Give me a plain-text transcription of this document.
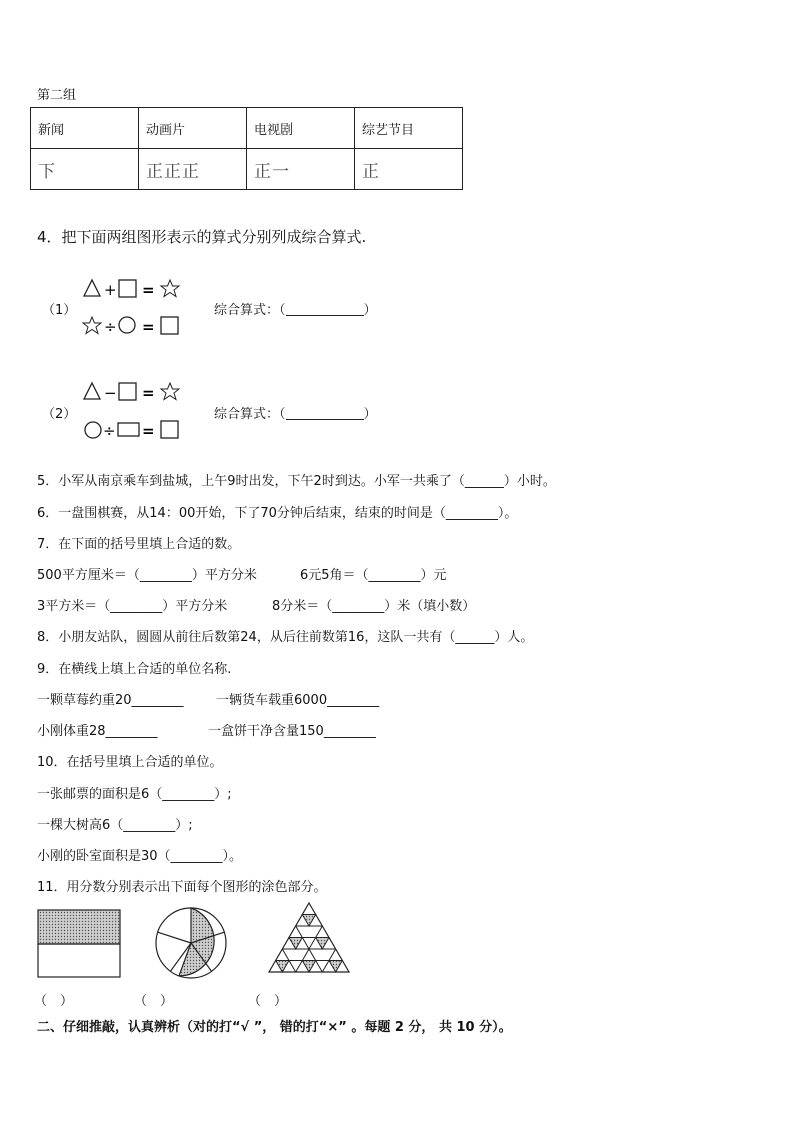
第二组
新闻	动画片	电视剧	综艺节目
下	正正正	正一	正
4．把下面两组图形表示的算式分别列成综合算式.
（1）
+ =
÷ =
综合算式：（	）
（2）
− =
÷ =
综合算式：（	）
5．小军从南京乘车到盐城，上午9时出发，下午2时到达。小军一共乘了（______）小时。
6．一盘围棋赛，从14：00开始，下了70分钟后结束，结束的时间是（________）。
7．在下面的括号里填上合适的数。
500平方厘米＝（________）平方分米	6元5角＝（________）元
3平方米＝（________）平方分米	8分米＝（________）米（填小数）
8．小朋友站队，圆圆从前往后数第24，从后往前数第16，这队一共有（______）人。
9．在横线上填上合适的单位名称.
一颗草莓约重20________ 一辆货车载重6000________
小刚体重28________	一盒饼干净含量150________
10．在括号里填上合适的单位。
一张邮票的面积是6（________）;
一棵大树高6（________）;
小刚的卧室面积是30（________）。
11．用分数分别表示出下面每个图形的涂色部分。
（　）	（　）	（　）
二、仔细推敲，认真辨析（对的打“√ ”， 错的打“×” 。每题 2 分， 共 10 分）。
